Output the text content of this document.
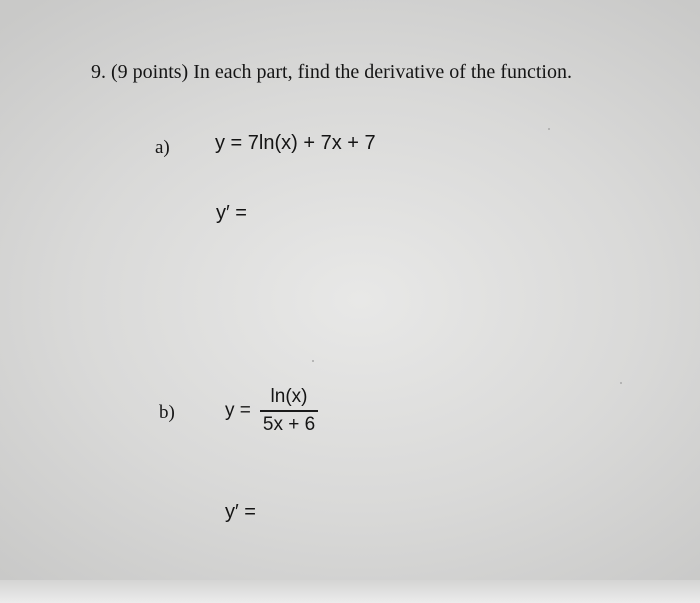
9. (9 points) In each part, find the derivative of the function.
a) y = 7ln(x) + 7x + 7
y′ =
b)	$y = \frac{\ln(x)}{5x + 6}$
y′ =
